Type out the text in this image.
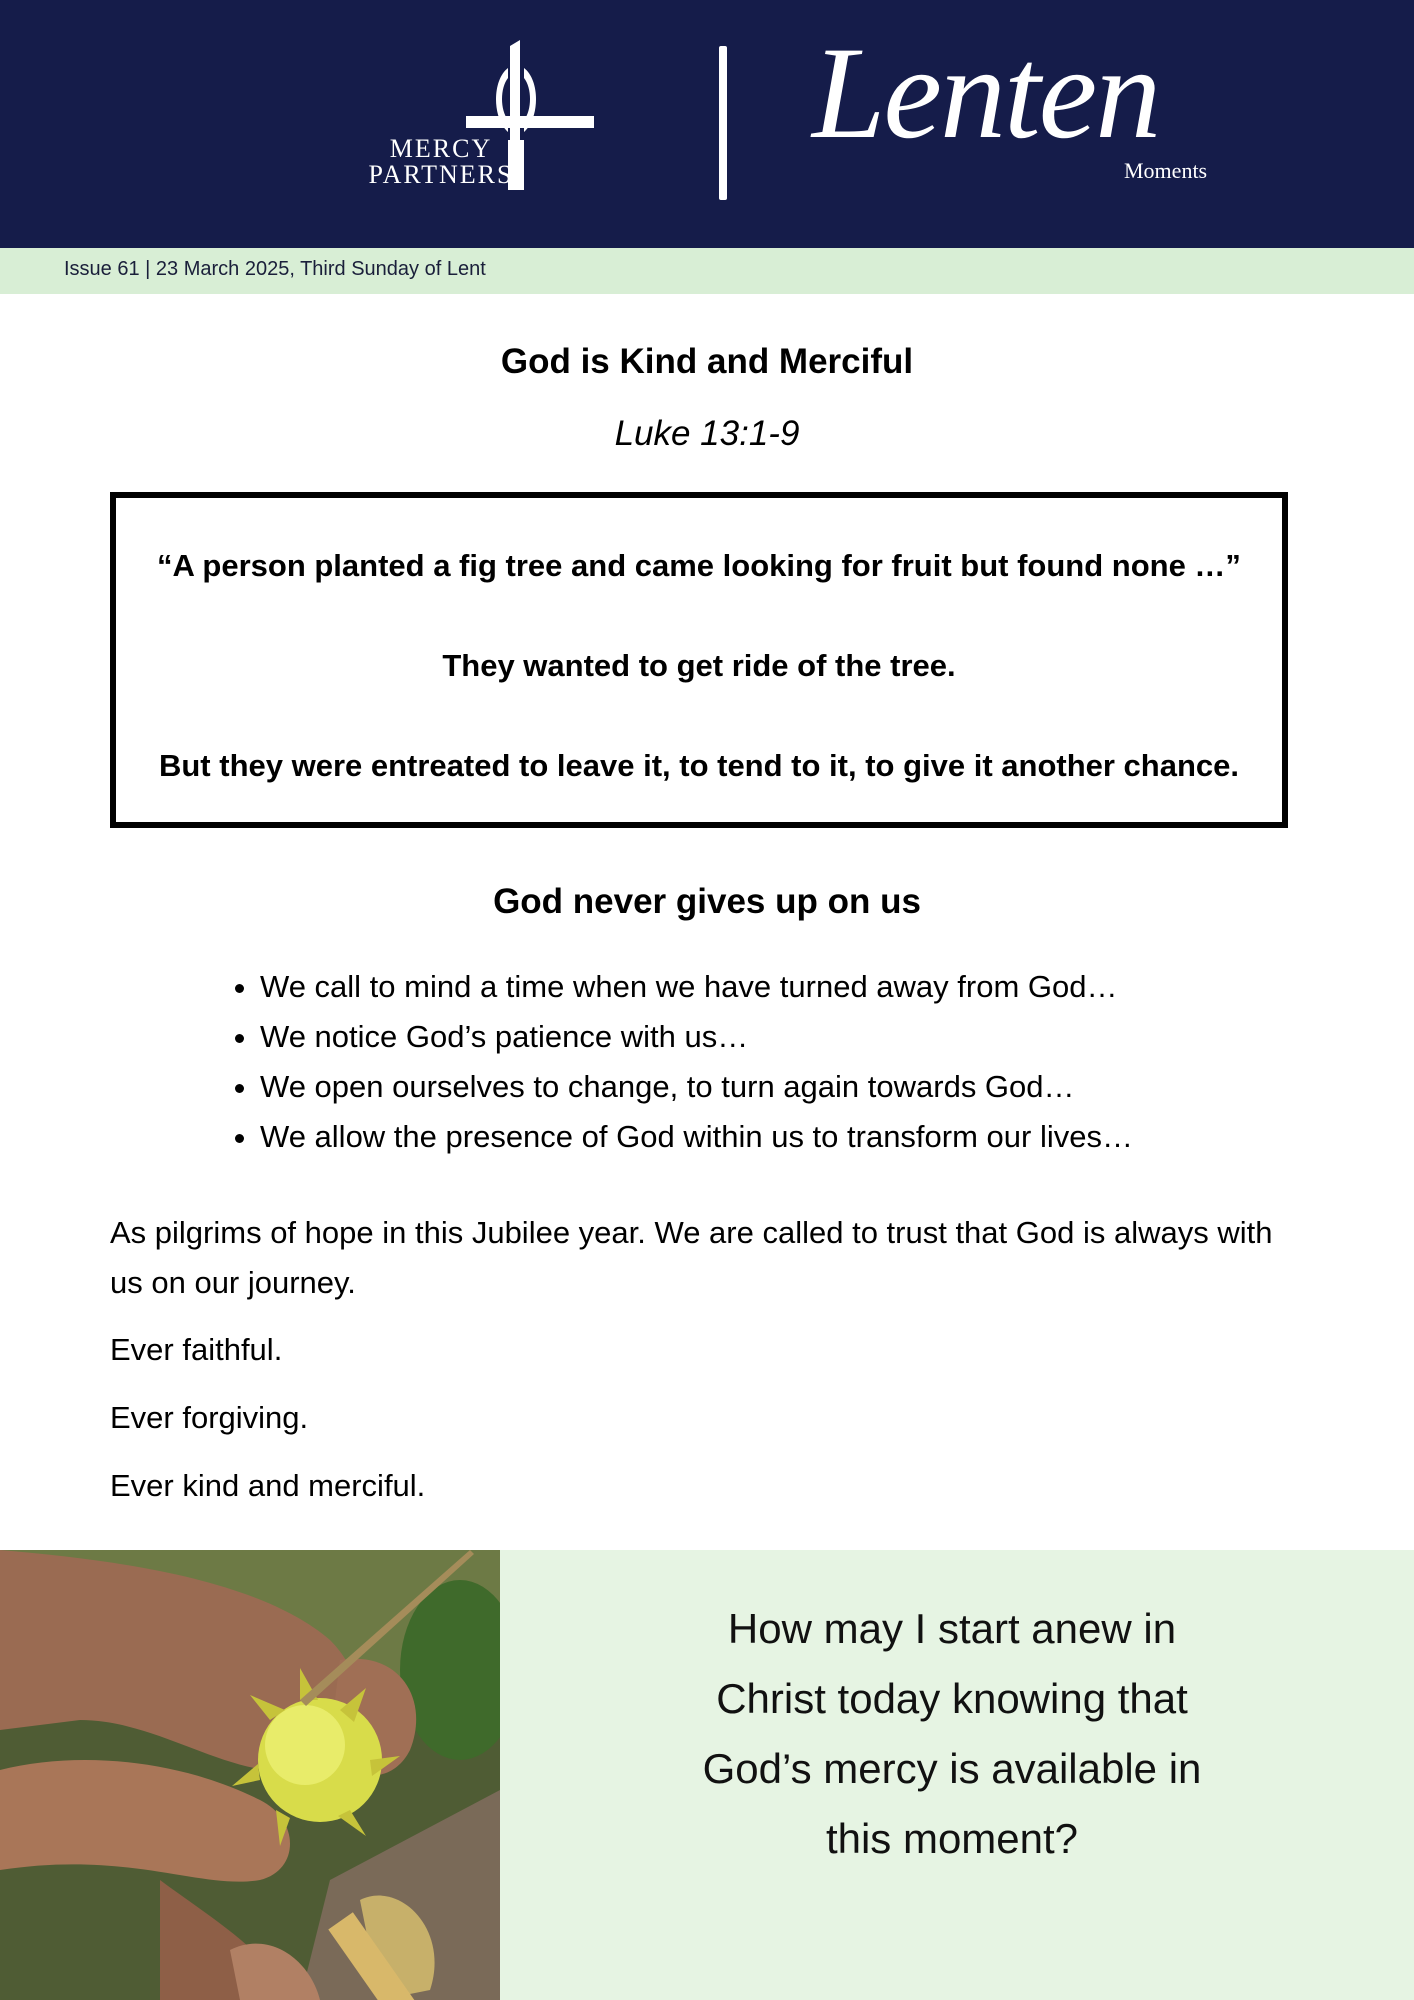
MERCY
PARTNERS
Lenten
Moments
Issue 61 | 23 March 2025, Third Sunday of Lent
God is Kind and Merciful
Luke 13:1-9
“A person planted a fig tree and came looking for fruit but found none …”
They wanted to get ride of the tree.
But they were entreated to leave it, to tend to it, to give it another chance.
God never gives up on us
• We call to mind a time when we have turned away from God…
• We notice God’s patience with us…
• We open ourselves to change, to turn again towards God…
• We allow the presence of God within us to transform our lives…
As pilgrims of hope in this Jubilee year. We are called to trust that God is always with us on our journey.
Ever faithful.
Ever forgiving.
Ever kind and merciful.
How may I start anew in Christ today knowing that God’s mercy is available in this moment?
